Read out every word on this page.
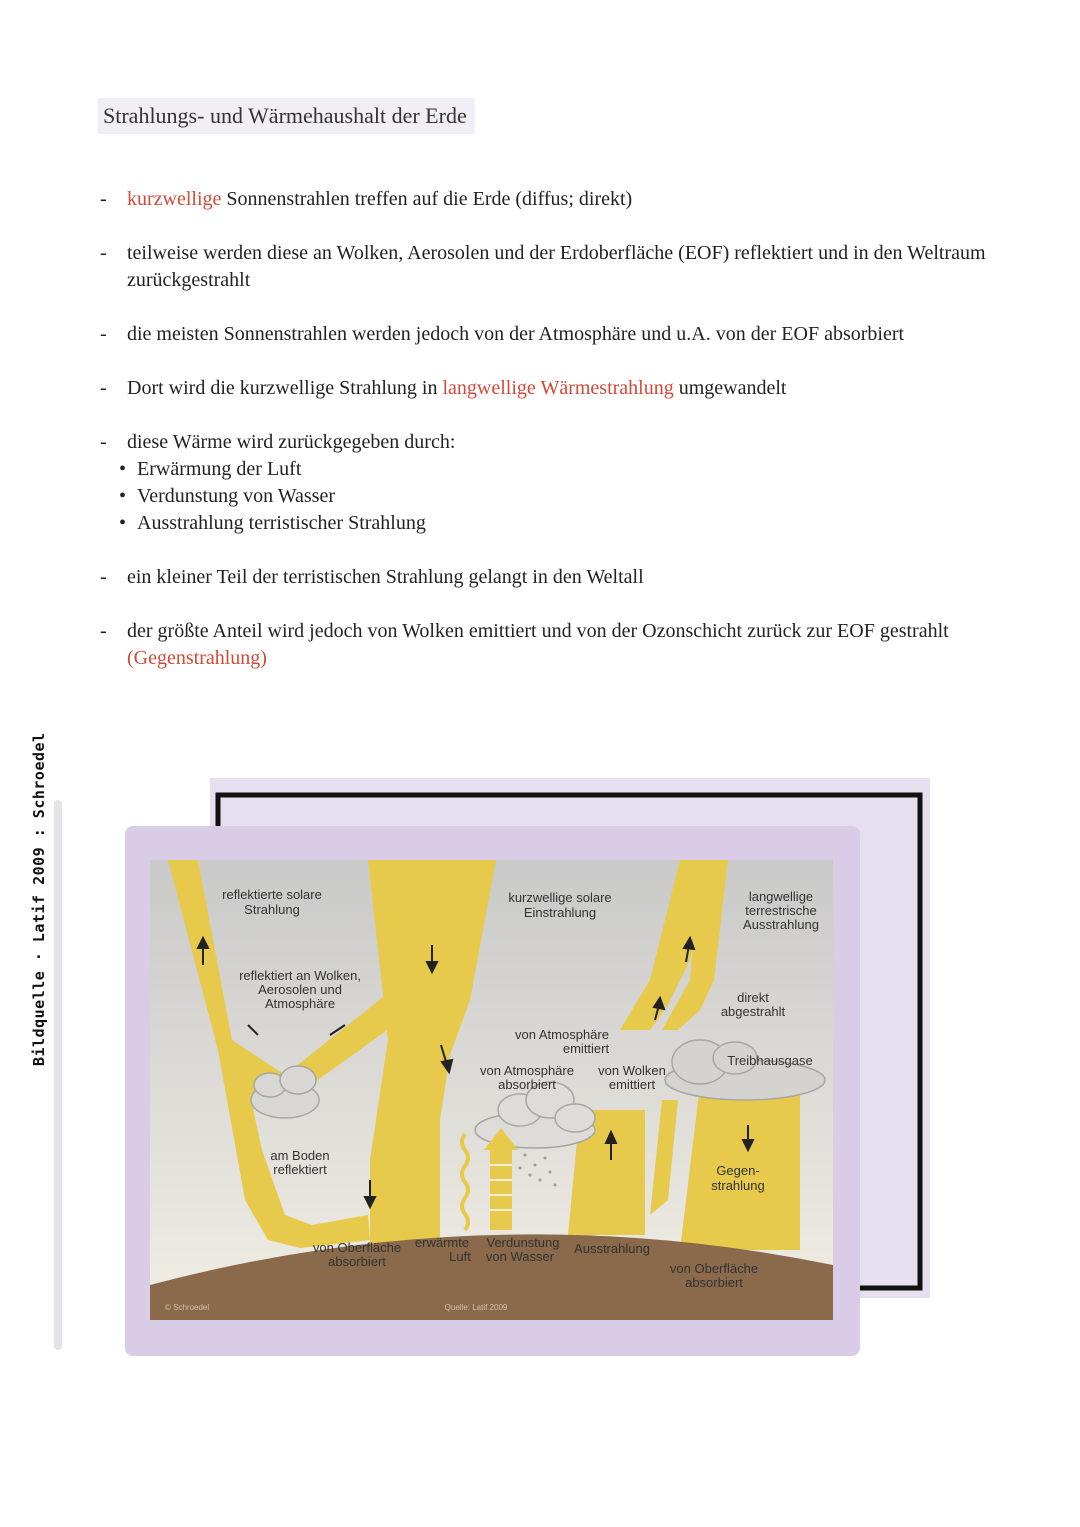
Strahlungs- und Wärmehaushalt der Erde
- kurzwellige Sonnenstrahlen treffen auf die Erde (diffus; direkt)
- teilweise werden diese an Wolken, Aerosolen und der Erdoberfläche (EOF) reflektiert und in den Weltraum zurückgestrahlt
- die meisten Sonnenstrahlen werden jedoch von der Atmosphäre und u.A. von der EOF absorbiert
- Dort wird die kurzwellige Strahlung in langwellige Wärmestrahlung umgewandelt
- diese Wärme wird zurückgegeben durch:
• Erwärmung der Luft
• Verdunstung von Wasser
• Ausstrahlung terristischer Strahlung
- ein kleiner Teil der terristischen Strahlung gelangt in den Weltall
- der größte Anteil wird jedoch von Wolken emittiert und von der Ozonschicht zurück zur EOF gestrahlt (Gegenstrahlung)
Bildquelle · Latif 2009 : Schroedel	reflektierte solare Strahlung
kurzwellige solare Einstrahlung
langwellige terrestrische Ausstrahlung
reflektiert an Wolken, Aerosolen und Atmosphäre	direkt abgestrahlt
von Atmosphäre emittiert
Treibhausgase
von Atmosphäre absorbiert
von Wolken emittiert
am Boden reflektiert	Gegen-strahlung
von Oberfläche absorbiert
erwärmte Luft
Verdunstung von Wasser
Ausstrahlung
von Oberfläche absorbiert
© Schroedel	Quelle: Latif 2009
